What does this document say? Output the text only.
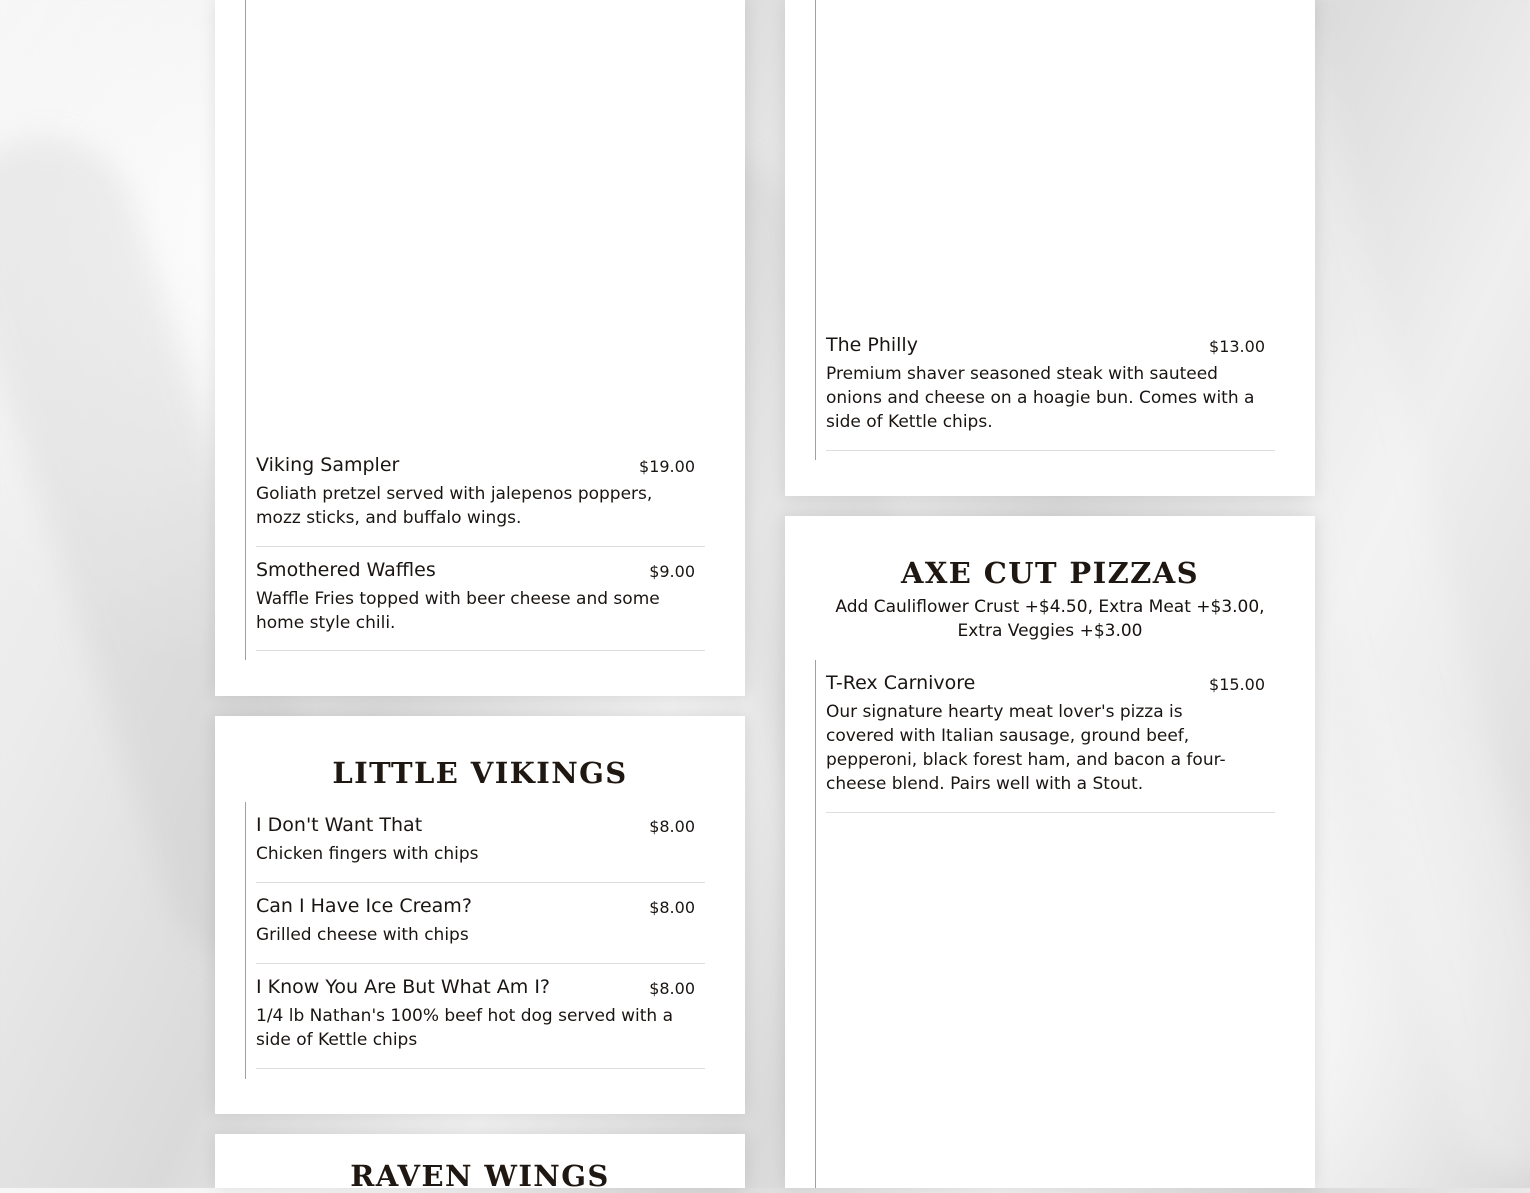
Viking Sampler	$19.00
Goliath pretzel served with jalepenos poppers, mozz sticks, and buffalo wings.
Smothered Waffles	$9.00
Waffle Fries topped with beer cheese and some home style chili.
LITTLE VIKINGS
I Don't Want That	$8.00
Chicken fingers with chips
Can I Have Ice Cream?	$8.00
Grilled cheese with chips
I Know You Are But What Am I?	$8.00
1/4 lb Nathan's 100% beef hot dog served with a side of Kettle chips
RAVEN WINGS
The Philly	$13.00
Premium shaver seasoned steak with sauteed onions and cheese on a hoagie bun. Comes with a side of Kettle chips.
AXE CUT PIZZAS
Add Cauliflower Crust +$4.50, Extra Meat +$3.00, Extra Veggies +$3.00
T-Rex Carnivore	$15.00
Our signature hearty meat lover's pizza is covered with Italian sausage, ground beef, pepperoni, black forest ham, and bacon a four-cheese blend. Pairs well with a Stout.
